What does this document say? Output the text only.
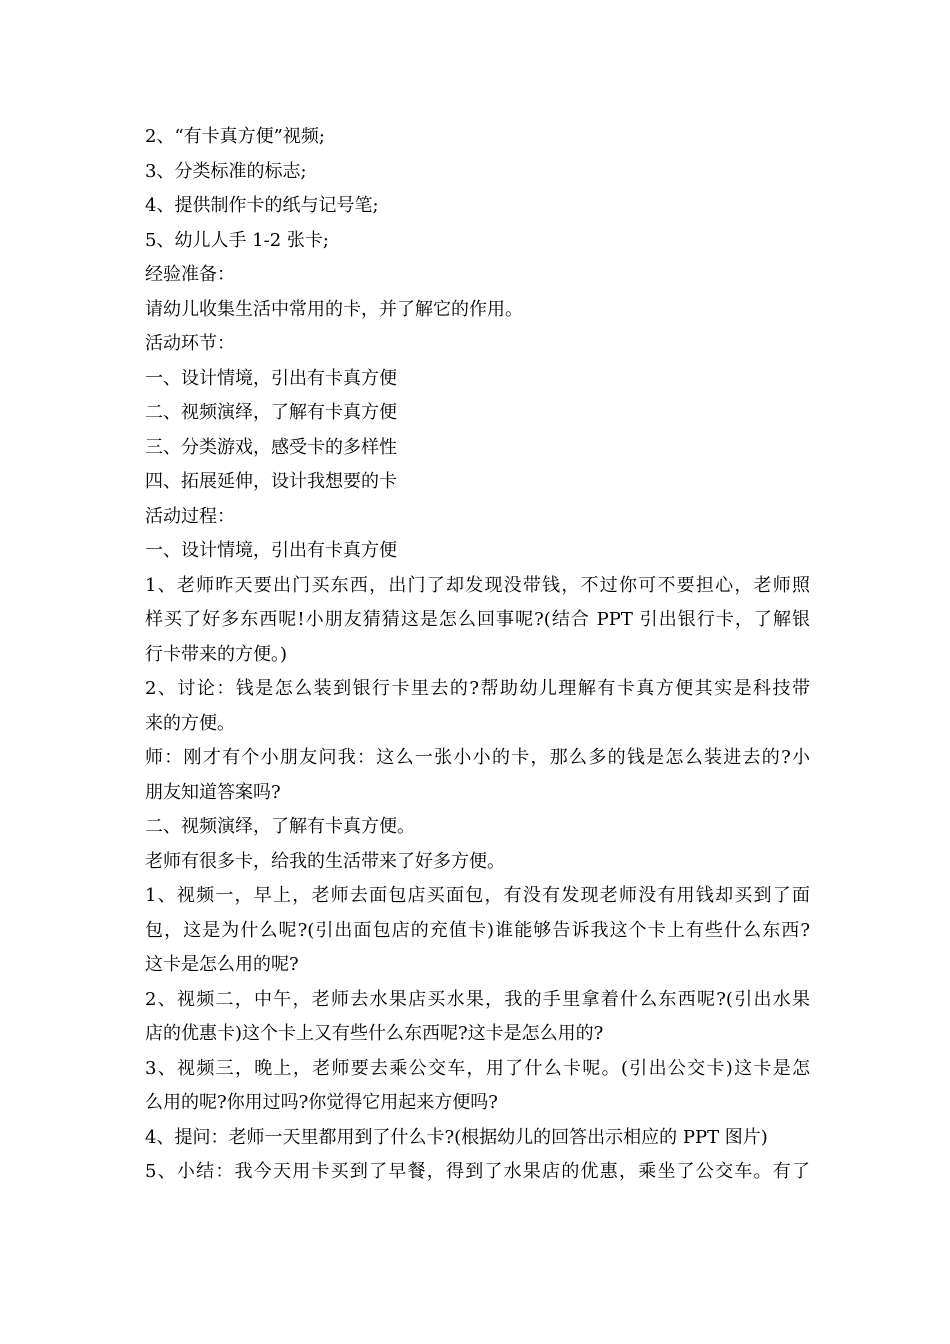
2、“有卡真方便”视频;
3、分类标准的标志;
4、提供制作卡的纸与记号笔;
5、幼儿人手 1-2 张卡;
经验准备：
请幼儿收集生活中常用的卡，并了解它的作用。
活动环节：
一、设计情境，引出有卡真方便
二、视频演绎，了解有卡真方便
三、分类游戏，感受卡的多样性
四、拓展延伸，设计我想要的卡
活动过程：
一、设计情境，引出有卡真方便
1、老师昨天要出门买东西，出门了却发现没带钱，不过你可不要担心，老师照
样买了好多东西呢!小朋友猜猜这是怎么回事呢?(结合 PPT 引出银行卡，了解银
行卡带来的方便。)
2、讨论：钱是怎么装到银行卡里去的?帮助幼儿理解有卡真方便其实是科技带
来的方便。
师：刚才有个小朋友问我：这么一张小小的卡，那么多的钱是怎么装进去的?小
朋友知道答案吗?
二、视频演绎，了解有卡真方便。
老师有很多卡，给我的生活带来了好多方便。
1、视频一，早上，老师去面包店买面包，有没有发现老师没有用钱却买到了面
包，这是为什么呢?(引出面包店的充值卡)谁能够告诉我这个卡上有些什么东西?
这卡是怎么用的呢?
2、视频二，中午，老师去水果店买水果，我的手里拿着什么东西呢?(引出水果
店的优惠卡)这个卡上又有些什么东西呢?这卡是怎么用的?
3、视频三，晚上，老师要去乘公交车，用了什么卡呢。(引出公交卡)这卡是怎
么用的呢?你用过吗?你觉得它用起来方便吗?
4、提问：老师一天里都用到了什么卡?(根据幼儿的回答出示相应的 PPT 图片)
5、小结：我今天用卡买到了早餐，得到了水果店的优惠，乘坐了公交车。有了
